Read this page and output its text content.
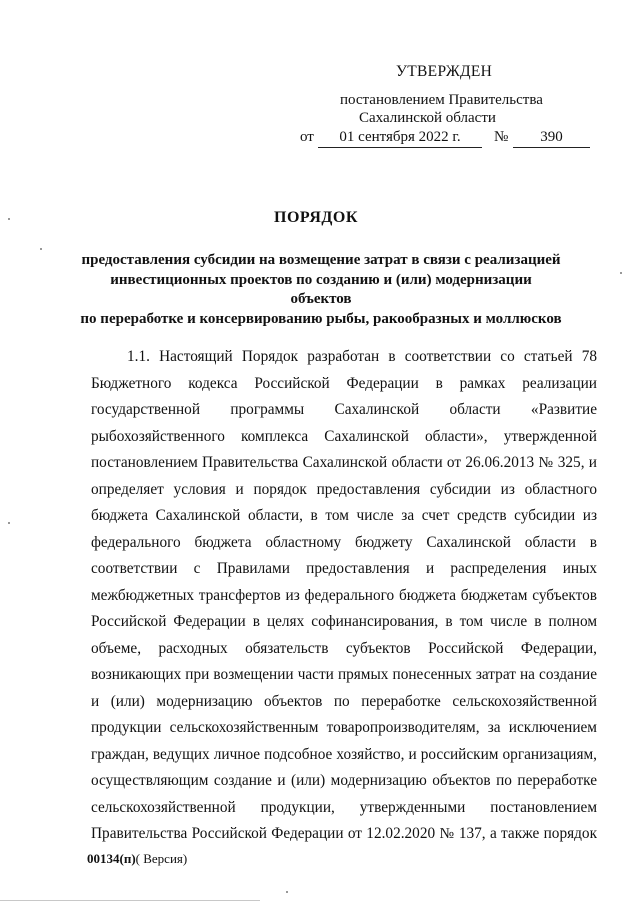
УТВЕРЖДЕН
постановлением Правительства
Сахалинской области
от	01 сентября 2022 г.	№	390
ПОРЯДОК
предоставления субсидии на возмещение затрат в связи с реализацией
инвестиционных проектов по созданию и (или) модернизации объектов
по переработке и консервированию рыбы, ракообразных и моллюсков
1.1. Настоящий Порядок разработан в соответствии со статьей 78
Бюджетного кодекса Российской Федерации в рамках реализации
государственной программы Сахалинской области «Развитие
рыбохозяйственного комплекса Сахалинской области», утвержденной
постановлением Правительства Сахалинской области от 26.06.2013 № 325, и
определяет условия и порядок предоставления субсидии из областного
бюджета Сахалинской области, в том числе за счет средств субсидии из
федерального бюджета областному бюджету Сахалинской области в
соответствии с Правилами предоставления и распределения иных
межбюджетных трансфертов из федерального бюджета бюджетам субъектов
Российской Федерации в целях софинансирования, в том числе в полном
объеме, расходных обязательств субъектов Российской Федерации,
возникающих при возмещении части прямых понесенных затрат на создание
и (или) модернизацию объектов по переработке сельскохозяйственной
продукции сельскохозяйственным товаропроизводителям, за исключением
граждан, ведущих личное подсобное хозяйство, и российским организациям,
осуществляющим создание и (или) модернизацию объектов по переработке
сельскохозяйственной продукции, утвержденными постановлением
Правительства Российской Федерации от 12.02.2020 № 137, а также порядок
00134(п)( Версия)
